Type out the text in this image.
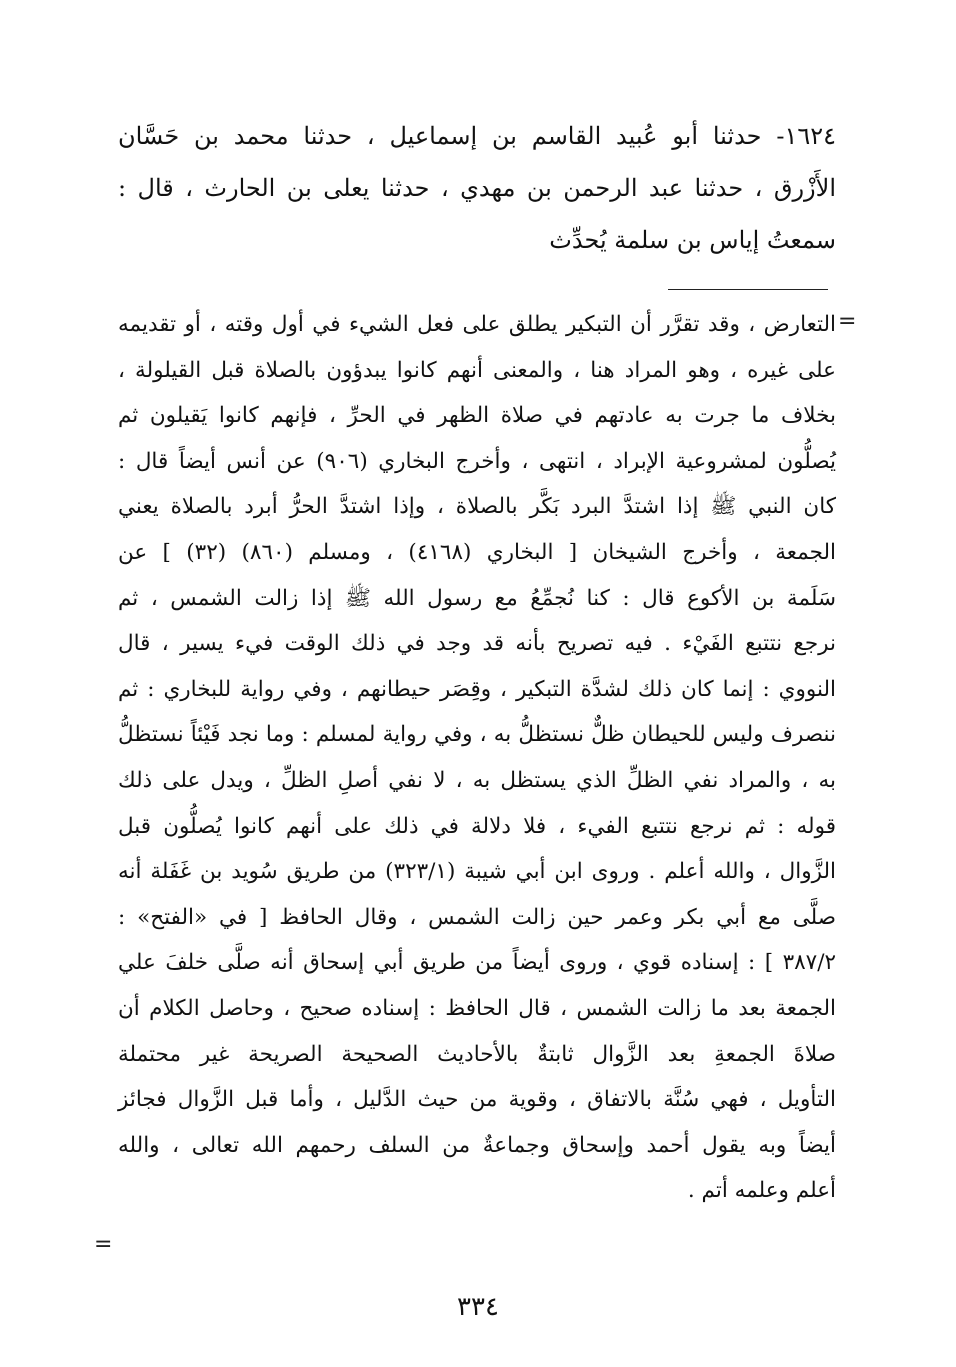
١٦٢٤- حدثنا أبو عُبيد القاسم بن إسماعيل ، حدثنا محمد بن حَسَّان
الأَزْرق ، حدثنا عبد الرحمن بن مهدي ، حدثنا يعلى بن الحارث ، قال :
سمعتُ إياس بن سلمة يُحدِّث
=
التعارض ، وقد تقرَّر أن التبكير يطلق على فعل الشيء في أول وقته ، أو تقديمه
على غيره ، وهو المراد هنا ، والمعنى أنهم كانوا يبدؤون بالصلاة قبل القيلولة ،
بخلاف ما جرت به عادتهم في صلاة الظهر في الحرِّ ، فإنهم كانوا يَقيلون ثم
يُصلُّون لمشروعية الإبراد ، انتهى ، وأخرج البخاري (٩٠٦) عن أنس أيضاً قال :
كان النبي ﷺ إذا اشتدَّ البرد بَكَّر بالصلاة ، وإذا اشتدَّ الحرُّ أبرد بالصلاة يعني
الجمعة ، وأخرج الشيخان [ البخاري (٤١٦٨) ، ومسلم (٨٦٠) (٣٢) ] عن
سَلَمة بن الأكوع قال : كنا نُجمِّعُ مع رسول الله ﷺ إذا زالت الشمس ، ثم
نرجع نتتبع الفَيْء . فيه تصريح بأنه قد وجد في ذلك الوقت فيء يسير ، قال
النووي : إنما كان ذلك لشدَّة التبكير ، وقِصَر حيطانهم ، وفي رواية للبخاري : ثم
ننصرف وليس للحيطان ظلٌّ نستظلُّ به ، وفي رواية لمسلم : وما نجد فَيْئاً نستظلُّ
به ، والمراد نفي الظلِّ الذي يستظل به ، لا نفي أصلِ الظلِّ ، ويدل على ذلك
قوله : ثم نرجع نتتبع الفيء ، فلا دلالة في ذلك على أنهم كانوا يُصلُّون قبل
الزَّوال ، والله أعلم . وروى ابن أبي شيبة (٣٢٣/١) من طريق سُويد بن غَفَلة أنه
صلَّى مع أبي بكر وعمر حين زالت الشمس ، وقال الحافظ [ في «الفتح» :
٣٨٧/٢ ] : إسناده قوي ، وروى أيضاً من طريق أبي إسحاق أنه صلَّى خلفَ علي
الجمعة بعد ما زالت الشمس ، قال الحافظ : إسناده صحيح ، وحاصل الكلام أن
صلاةَ الجمعةِ بعد الزَّوال ثابتةٌ بالأحاديث الصحيحة الصريحة غير محتملة
التأويل ، فهي سُنَّة بالاتفاق ، وقوية من حيث الدَّليل ، وأما قبل الزَّوال فجائز
أيضاً وبه يقول أحمد وإسحاق وجماعةٌ من السلف رحمهم الله تعالى ، والله
أعلم وعلمه أتم .
=
٣٣٤
